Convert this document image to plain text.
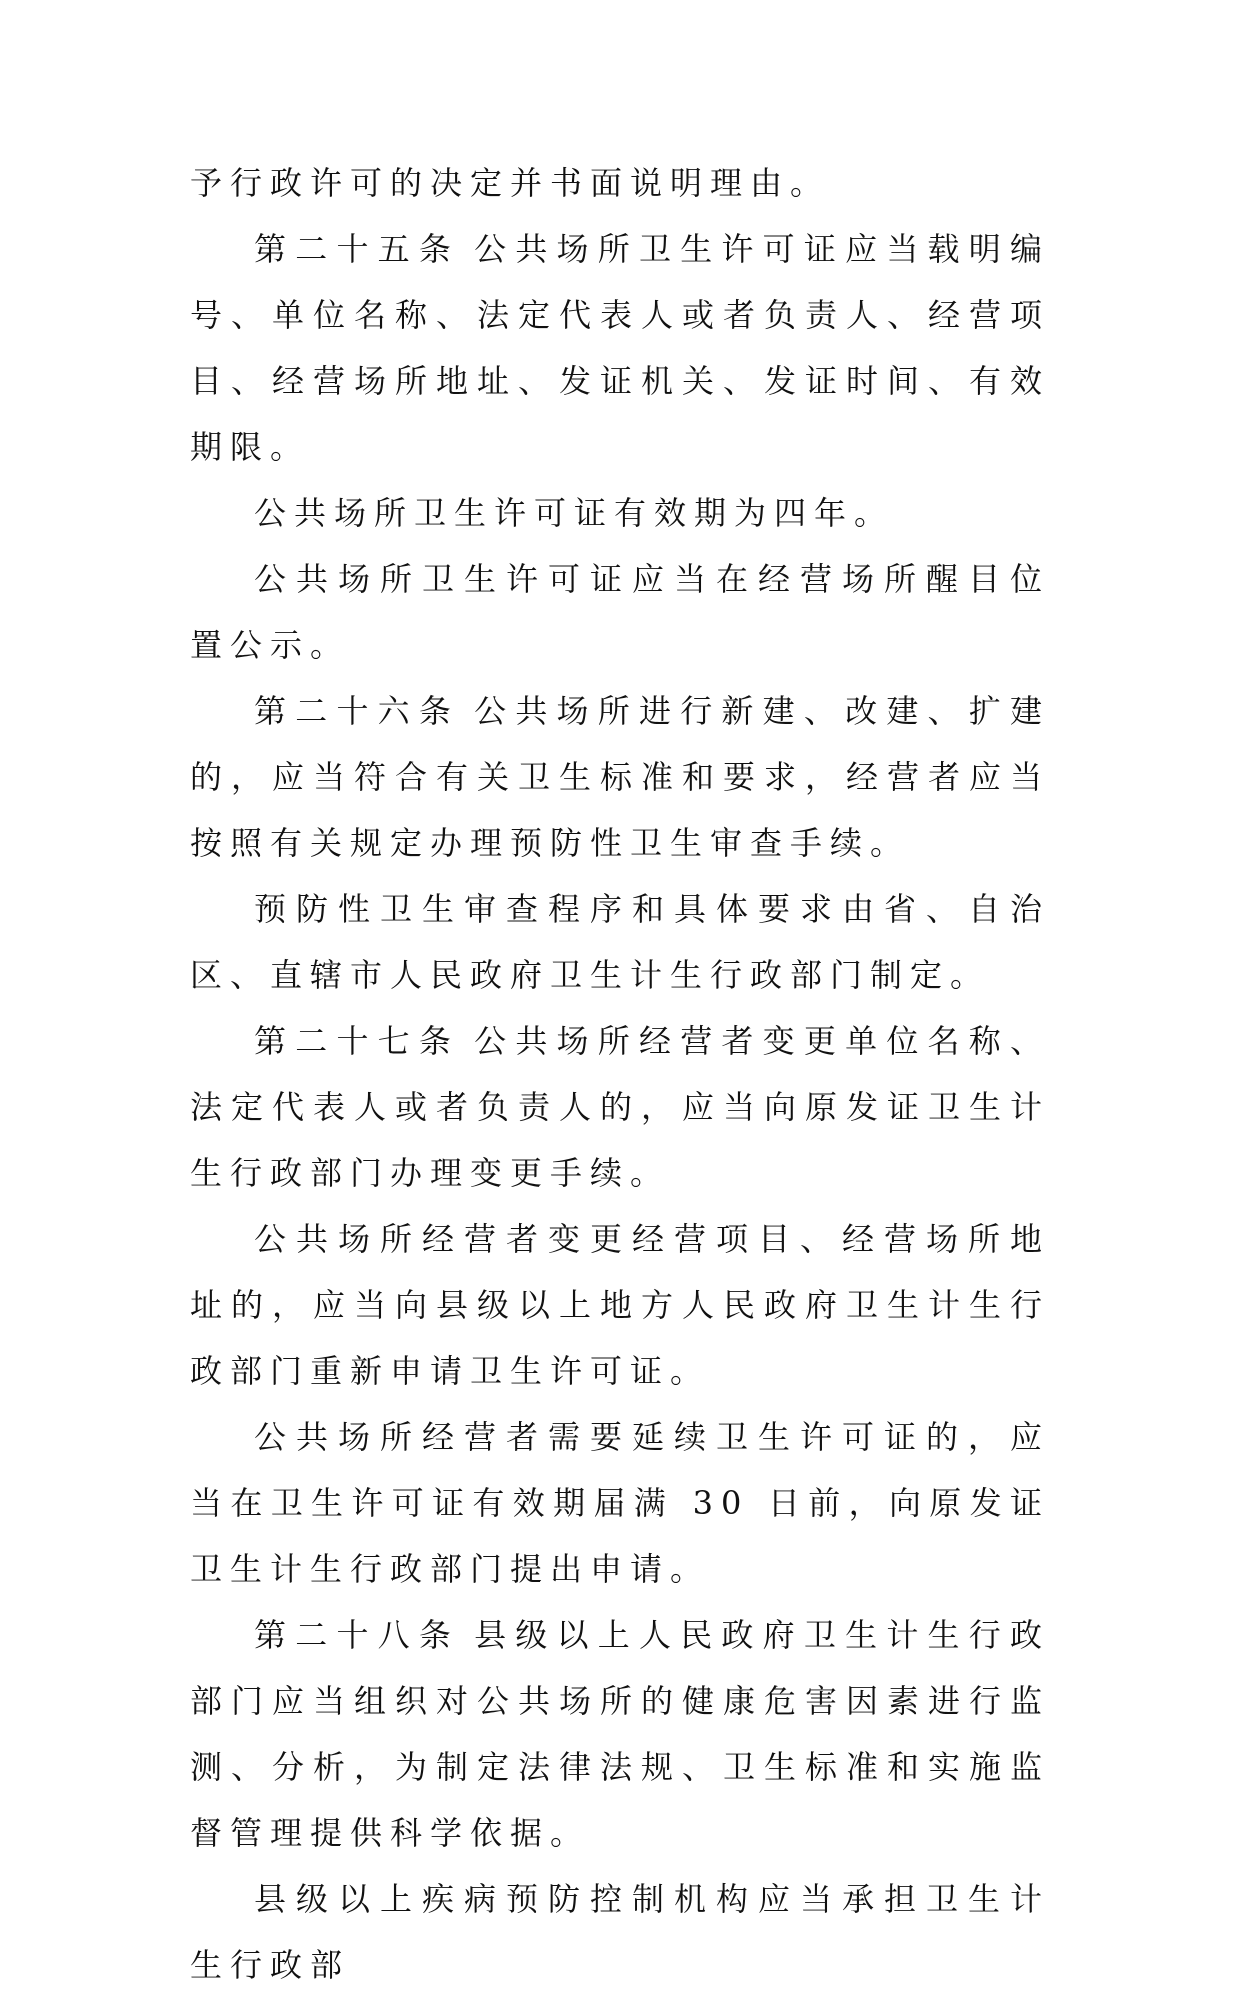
予行政许可的决定并书面说明理由。

第二十五条 公共场所卫生许可证应当载明编号、单位名称、法定代表人或者负责人、经营项目、经营场所地址、发证机关、发证时间、有效期限。

公共场所卫生许可证有效期为四年。

公共场所卫生许可证应当在经营场所醒目位置公示。

第二十六条 公共场所进行新建、改建、扩建的，应当符合有关卫生标准和要求，经营者应当按照有关规定办理预防性卫生审查手续。

预防性卫生审查程序和具体要求由省、自治区、直辖市人民政府卫生计生行政部门制定。

第二十七条 公共场所经营者变更单位名称、法定代表人或者负责人的，应当向原发证卫生计生行政部门办理变更手续。

公共场所经营者变更经营项目、经营场所地址的，应当向县级以上地方人民政府卫生计生行政部门重新申请卫生许可证。

公共场所经营者需要延续卫生许可证的，应当在卫生许可证有效期届满 30 日前，向原发证卫生计生行政部门提出申请。

第二十八条 县级以上人民政府卫生计生行政部门应当组织对公共场所的健康危害因素进行监测、分析，为制定法律法规、卫生标准和实施监督管理提供科学依据。

县级以上疾病预防控制机构应当承担卫生计生行政部
